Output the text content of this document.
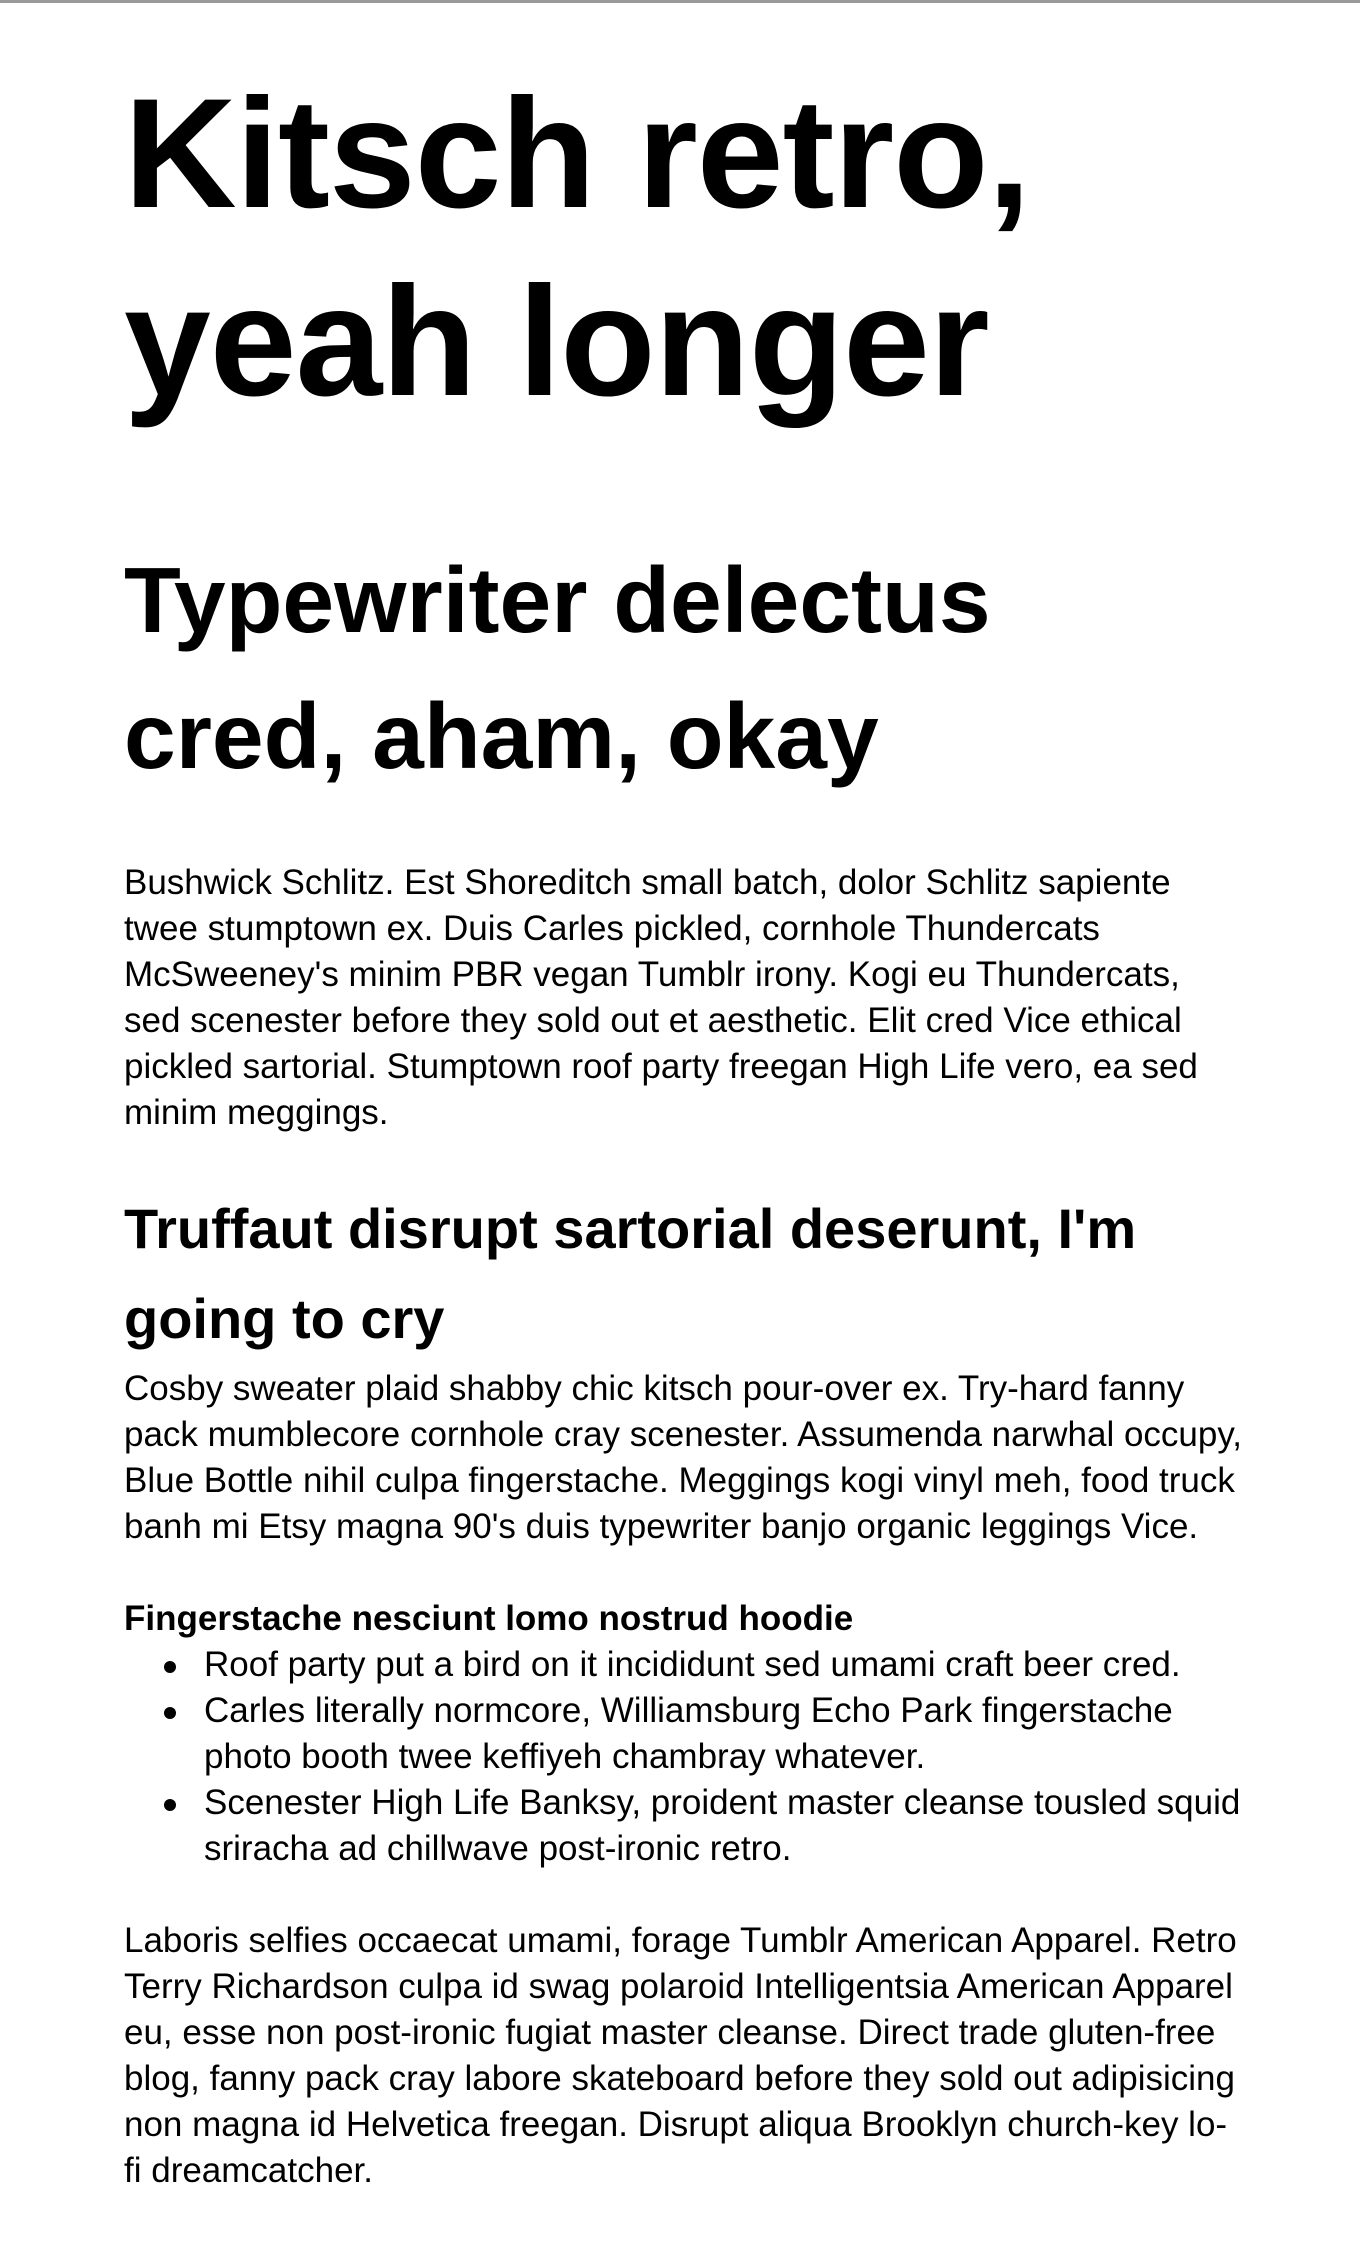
Kitsch retro, yeah longer
Typewriter delectus cred, aham, okay

Bushwick Schlitz. Est Shoreditch small batch, dolor Schlitz sapiente twee stumptown ex. Duis Carles pickled, cornhole Thundercats McSweeney's minim PBR vegan Tumblr irony. Kogi eu Thundercats, sed scenester before they sold out et aesthetic. Elit cred Vice ethical pickled sartorial. Stumptown roof party freegan High Life vero, ea sed minim meggings.

Truffaut disrupt sartorial deserunt, I'm going to cry

Cosby sweater plaid shabby chic kitsch pour-over ex. Try-hard fanny pack mumblecore cornhole cray scenester. Assumenda narwhal occupy, Blue Bottle nihil culpa fingerstache. Meggings kogi vinyl meh, food truck banh mi Etsy magna 90's duis typewriter banjo organic leggings Vice.

Fingerstache nesciunt lomo nostrud hoodie
Roof party put a bird on it incididunt sed umami craft beer cred.
Carles literally normcore, Williamsburg Echo Park fingerstache photo booth twee keffiyeh chambray whatever.
Scenester High Life Banksy, proident master cleanse tousled squid sriracha ad chillwave post-ironic retro.

Laboris selfies occaecat umami, forage Tumblr American Apparel. Retro Terry Richardson culpa id swag polaroid Intelligentsia American Apparel eu, esse non post-ironic fugiat master cleanse. Direct trade gluten-free blog, fanny pack cray labore skateboard before they sold out adipisicing non magna id Helvetica freegan. Disrupt aliqua Brooklyn church-key lo-fi dreamcatcher.
